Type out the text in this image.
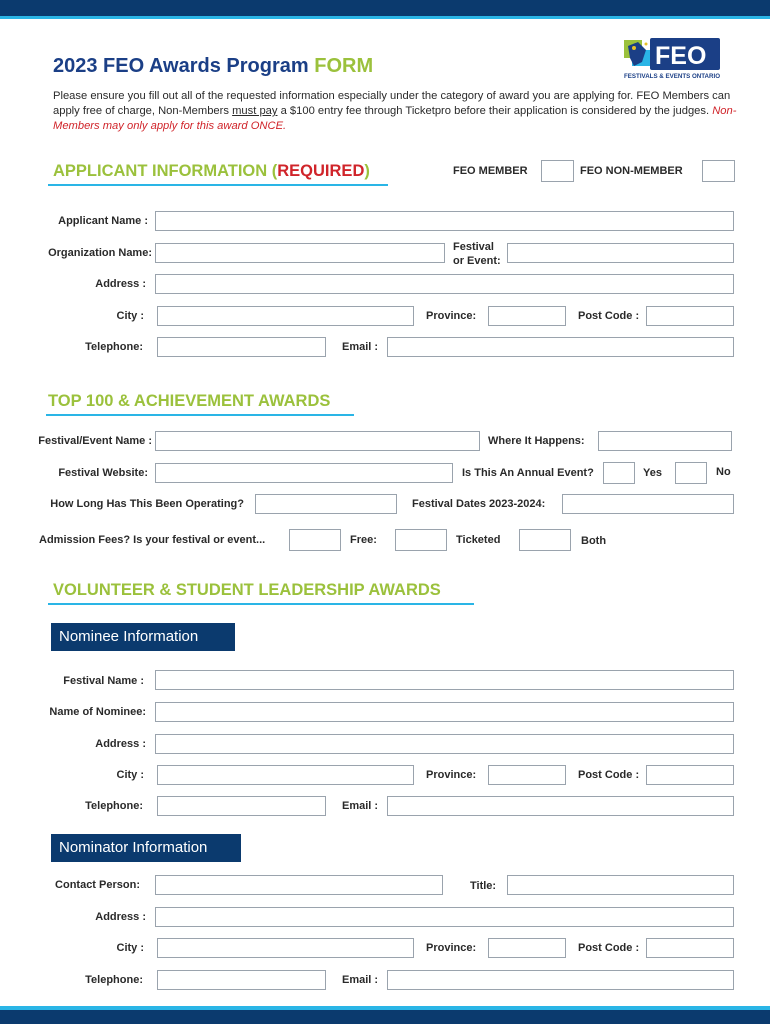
2023 FEO Awards Program FORM
Please ensure you fill out all of the requested information especially under the category of award you are applying for. FEO Members can apply free of charge, Non-Members must pay a $100 entry fee through Ticketpro before their application is considered by the judges. Non-Members may only apply for this award ONCE.
FEO
FESTIVALS & EVENTS ONTARIO
APPLICANT INFORMATION (REQUIRED)	FEO MEMBER	FEO NON-MEMBER
Applicant Name :
Organization Name:	Festival
or Event:
Address :
City :	Province:	Post Code :
Telephone:	Email :
TOP 100 & ACHIEVEMENT AWARDS
Festival/Event Name :	Where It Happens:
Festival Website:	Is This An Annual Event?	Yes	No
How Long Has This Been Operating?	Festival Dates 2023-2024:
Admission Fees? Is your festival or event...	Free:	Ticketed	Both
VOLUNTEER & STUDENT LEADERSHIP AWARDS
Nominee Information
Festival Name :
Name of Nominee:
Address :
City :	Province:	Post Code :
Telephone:	Email :
Nominator Information
Contact Person:	Title:
Address :
City :	Province:	Post Code :
Telephone:	Email :
